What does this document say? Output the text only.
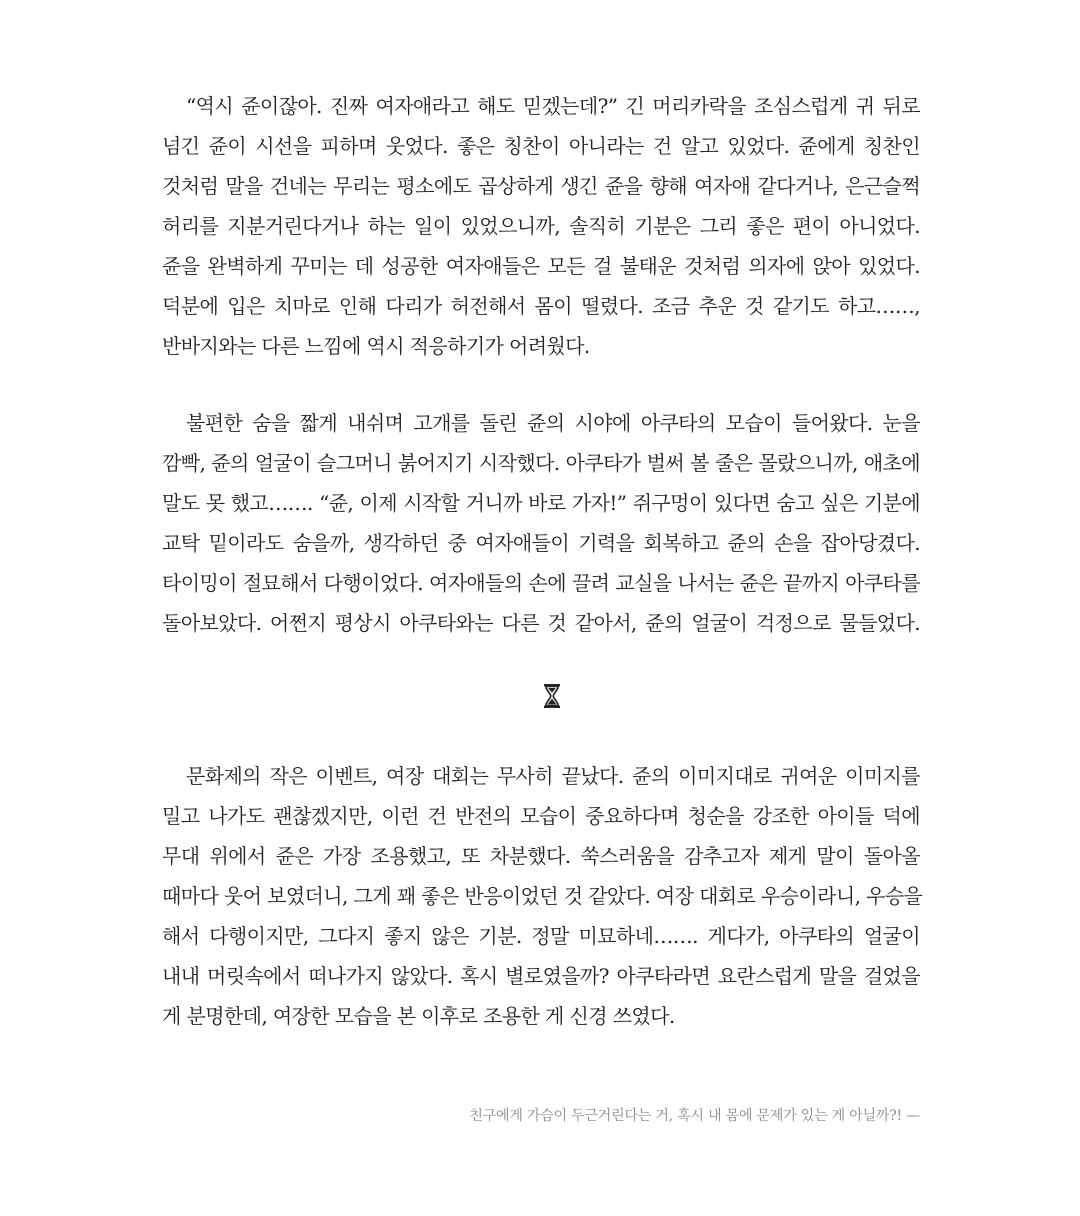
“역시 쥰이잖아. 진짜 여자애라고 해도 믿겠는데?” 긴 머리카락을 조심스럽게 귀 뒤로
넘긴 쥰이 시선을 피하며 웃었다. 좋은 칭찬이 아니라는 건 알고 있었다. 쥰에게 칭찬인
것처럼 말을 건네는 무리는 평소에도 곱상하게 생긴 쥰을 향해 여자애 같다거나, 은근슬쩍
허리를 지분거린다거나 하는 일이 있었으니까, 솔직히 기분은 그리 좋은 편이 아니었다.
쥰을 완벽하게 꾸미는 데 성공한 여자애들은 모든 걸 불태운 것처럼 의자에 앉아 있었다.
덕분에 입은 치마로 인해 다리가 허전해서 몸이 떨렸다. 조금 추운 것 같기도 하고……,
반바지와는 다른 느낌에 역시 적응하기가 어려웠다.
불편한 숨을 짧게 내쉬며 고개를 돌린 쥰의 시야에 아쿠타의 모습이 들어왔다. 눈을
깜빡, 쥰의 얼굴이 슬그머니 붉어지기 시작했다. 아쿠타가 벌써 볼 줄은 몰랐으니까, 애초에
말도 못 했고……. “쥰, 이제 시작할 거니까 바로 가자!” 쥐구멍이 있다면 숨고 싶은 기분에
교탁 밑이라도 숨을까, 생각하던 중 여자애들이 기력을 회복하고 쥰의 손을 잡아당겼다.
타이밍이 절묘해서 다행이었다. 여자애들의 손에 끌려 교실을 나서는 쥰은 끝까지 아쿠타를
돌아보았다. 어쩐지 평상시 아쿠타와는 다른 것 같아서, 쥰의 얼굴이 걱정으로 물들었다.
문화제의 작은 이벤트, 여장 대회는 무사히 끝났다. 쥰의 이미지대로 귀여운 이미지를
밀고 나가도 괜찮겠지만, 이런 건 반전의 모습이 중요하다며 청순을 강조한 아이들 덕에
무대 위에서 쥰은 가장 조용했고, 또 차분했다. 쑥스러움을 감추고자 제게 말이 돌아올
때마다 웃어 보였더니, 그게 꽤 좋은 반응이었던 것 같았다. 여장 대회로 우승이라니, 우승을
해서 다행이지만, 그다지 좋지 않은 기분. 정말 미묘하네……. 게다가, 아쿠타의 얼굴이
내내 머릿속에서 떠나가지 않았다. 혹시 별로였을까? 아쿠타라면 요란스럽게 말을 걸었을
게 분명한데, 여장한 모습을 본 이후로 조용한 게 신경 쓰였다.
친구에게 가슴이 두근거린다는 거, 혹시 내 몸에 문제가 있는 게 아닐까?! —
